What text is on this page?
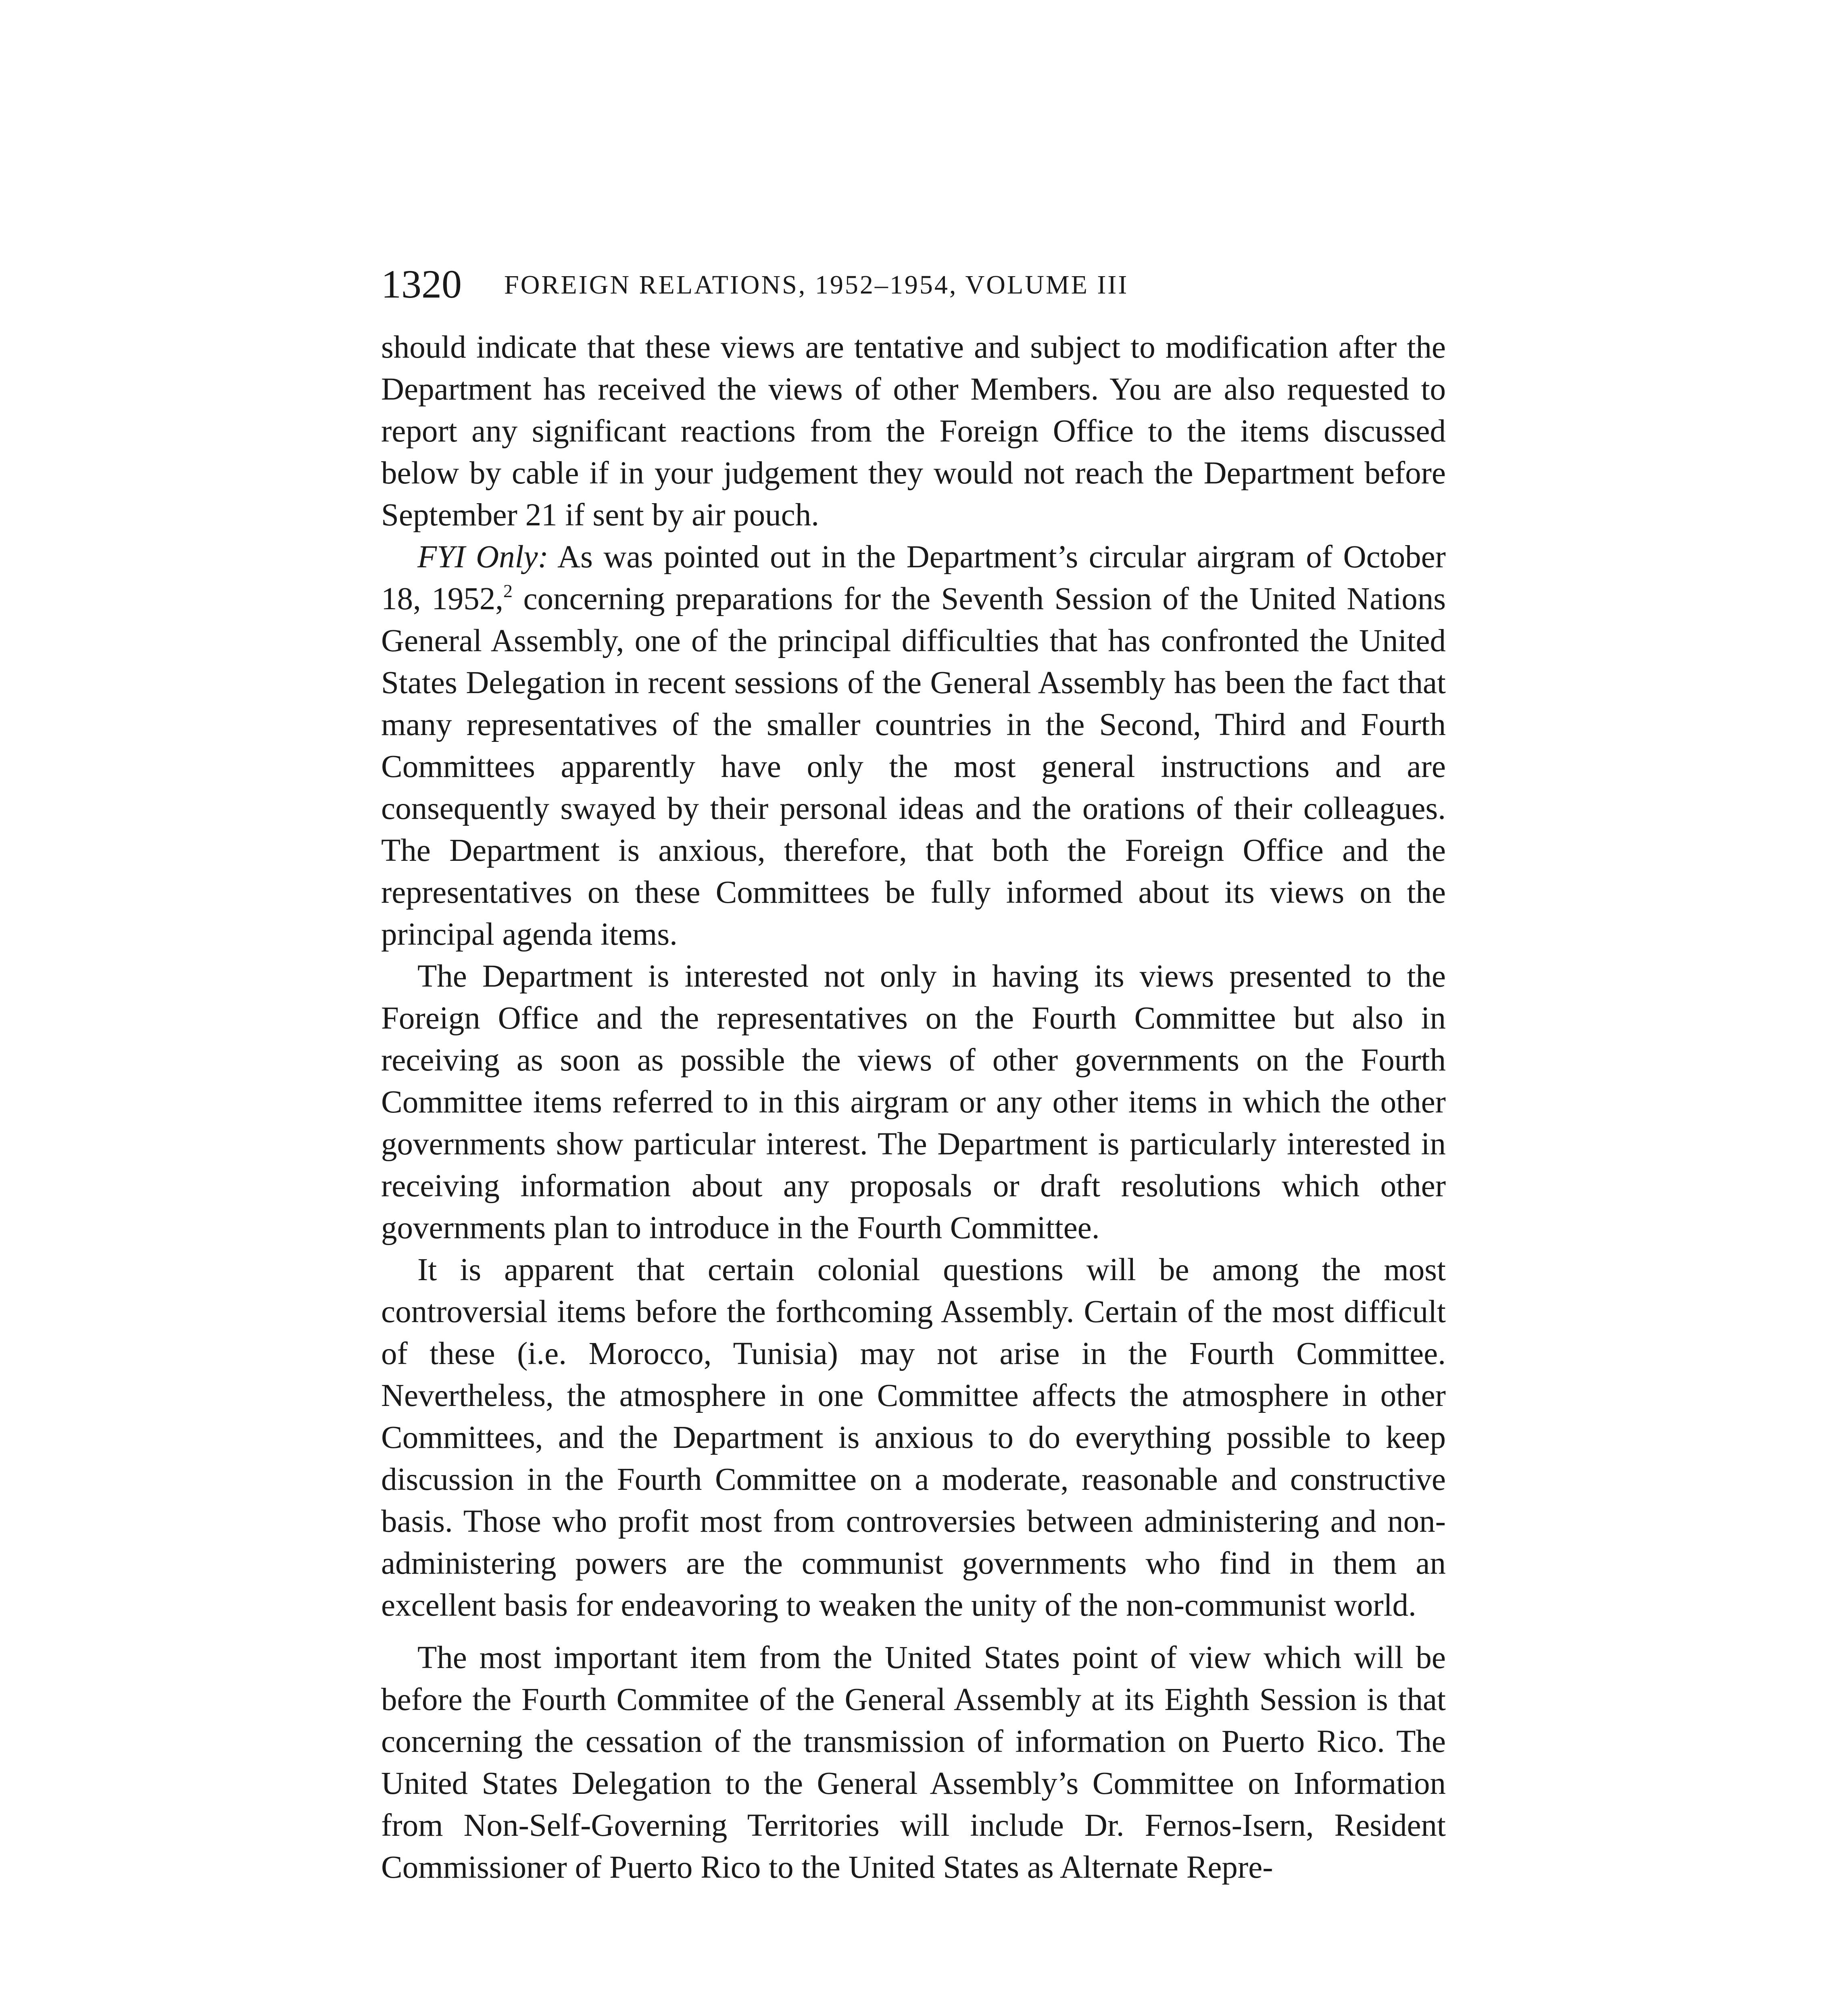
1320 FOREIGN RELATIONS, 1952–1954, VOLUME III

should indicate that these views are tentative and subject to modification after the Department has received the views of other Members. You are also requested to report any significant reactions from the Foreign Office to the items discussed below by cable if in your judgement they would not reach the Department before September 21 if sent by air pouch.

FYI Only: As was pointed out in the Department’s circular airgram of October 18, 1952,$^2$ concerning preparations for the Seventh Session of the United Nations General Assembly, one of the principal difficulties that has confronted the United States Delegation in recent sessions of the General Assembly has been the fact that many representatives of the smaller countries in the Second, Third and Fourth Committees apparently have only the most general instructions and are consequently swayed by their personal ideas and the orations of their colleagues. The Department is anxious, therefore, that both the Foreign Office and the representatives on these Committees be fully informed about its views on the principal agenda items.

The Department is interested not only in having its views presented to the Foreign Office and the representatives on the Fourth Committee but also in receiving as soon as possible the views of other governments on the Fourth Committee items referred to in this airgram or any other items in which the other governments show particular interest. The Department is particularly interested in receiving information about any proposals or draft resolutions which other governments plan to introduce in the Fourth Committee.

It is apparent that certain colonial questions will be among the most controversial items before the forthcoming Assembly. Certain of the most difficult of these (i.e. Morocco, Tunisia) may not arise in the Fourth Committee. Nevertheless, the atmosphere in one Committee affects the atmosphere in other Committees, and the Department is anxious to do everything possible to keep discussion in the Fourth Committee on a moderate, reasonable and constructive basis. Those who profit most from controversies between administering and non-administering powers are the communist governments who find in them an excellent basis for endeavoring to weaken the unity of the non-communist world.

The most important item from the United States point of view which will be before the Fourth Commitee of the General Assembly at its Eighth Session is that concerning the cessation of the transmission of information on Puerto Rico. The United States Delegation to the General Assembly’s Committee on Information from Non-Self-Governing Territories will include Dr. Fernos-Isern, Resident Commissioner of Puerto Rico to the United States as Alternate Repre-
